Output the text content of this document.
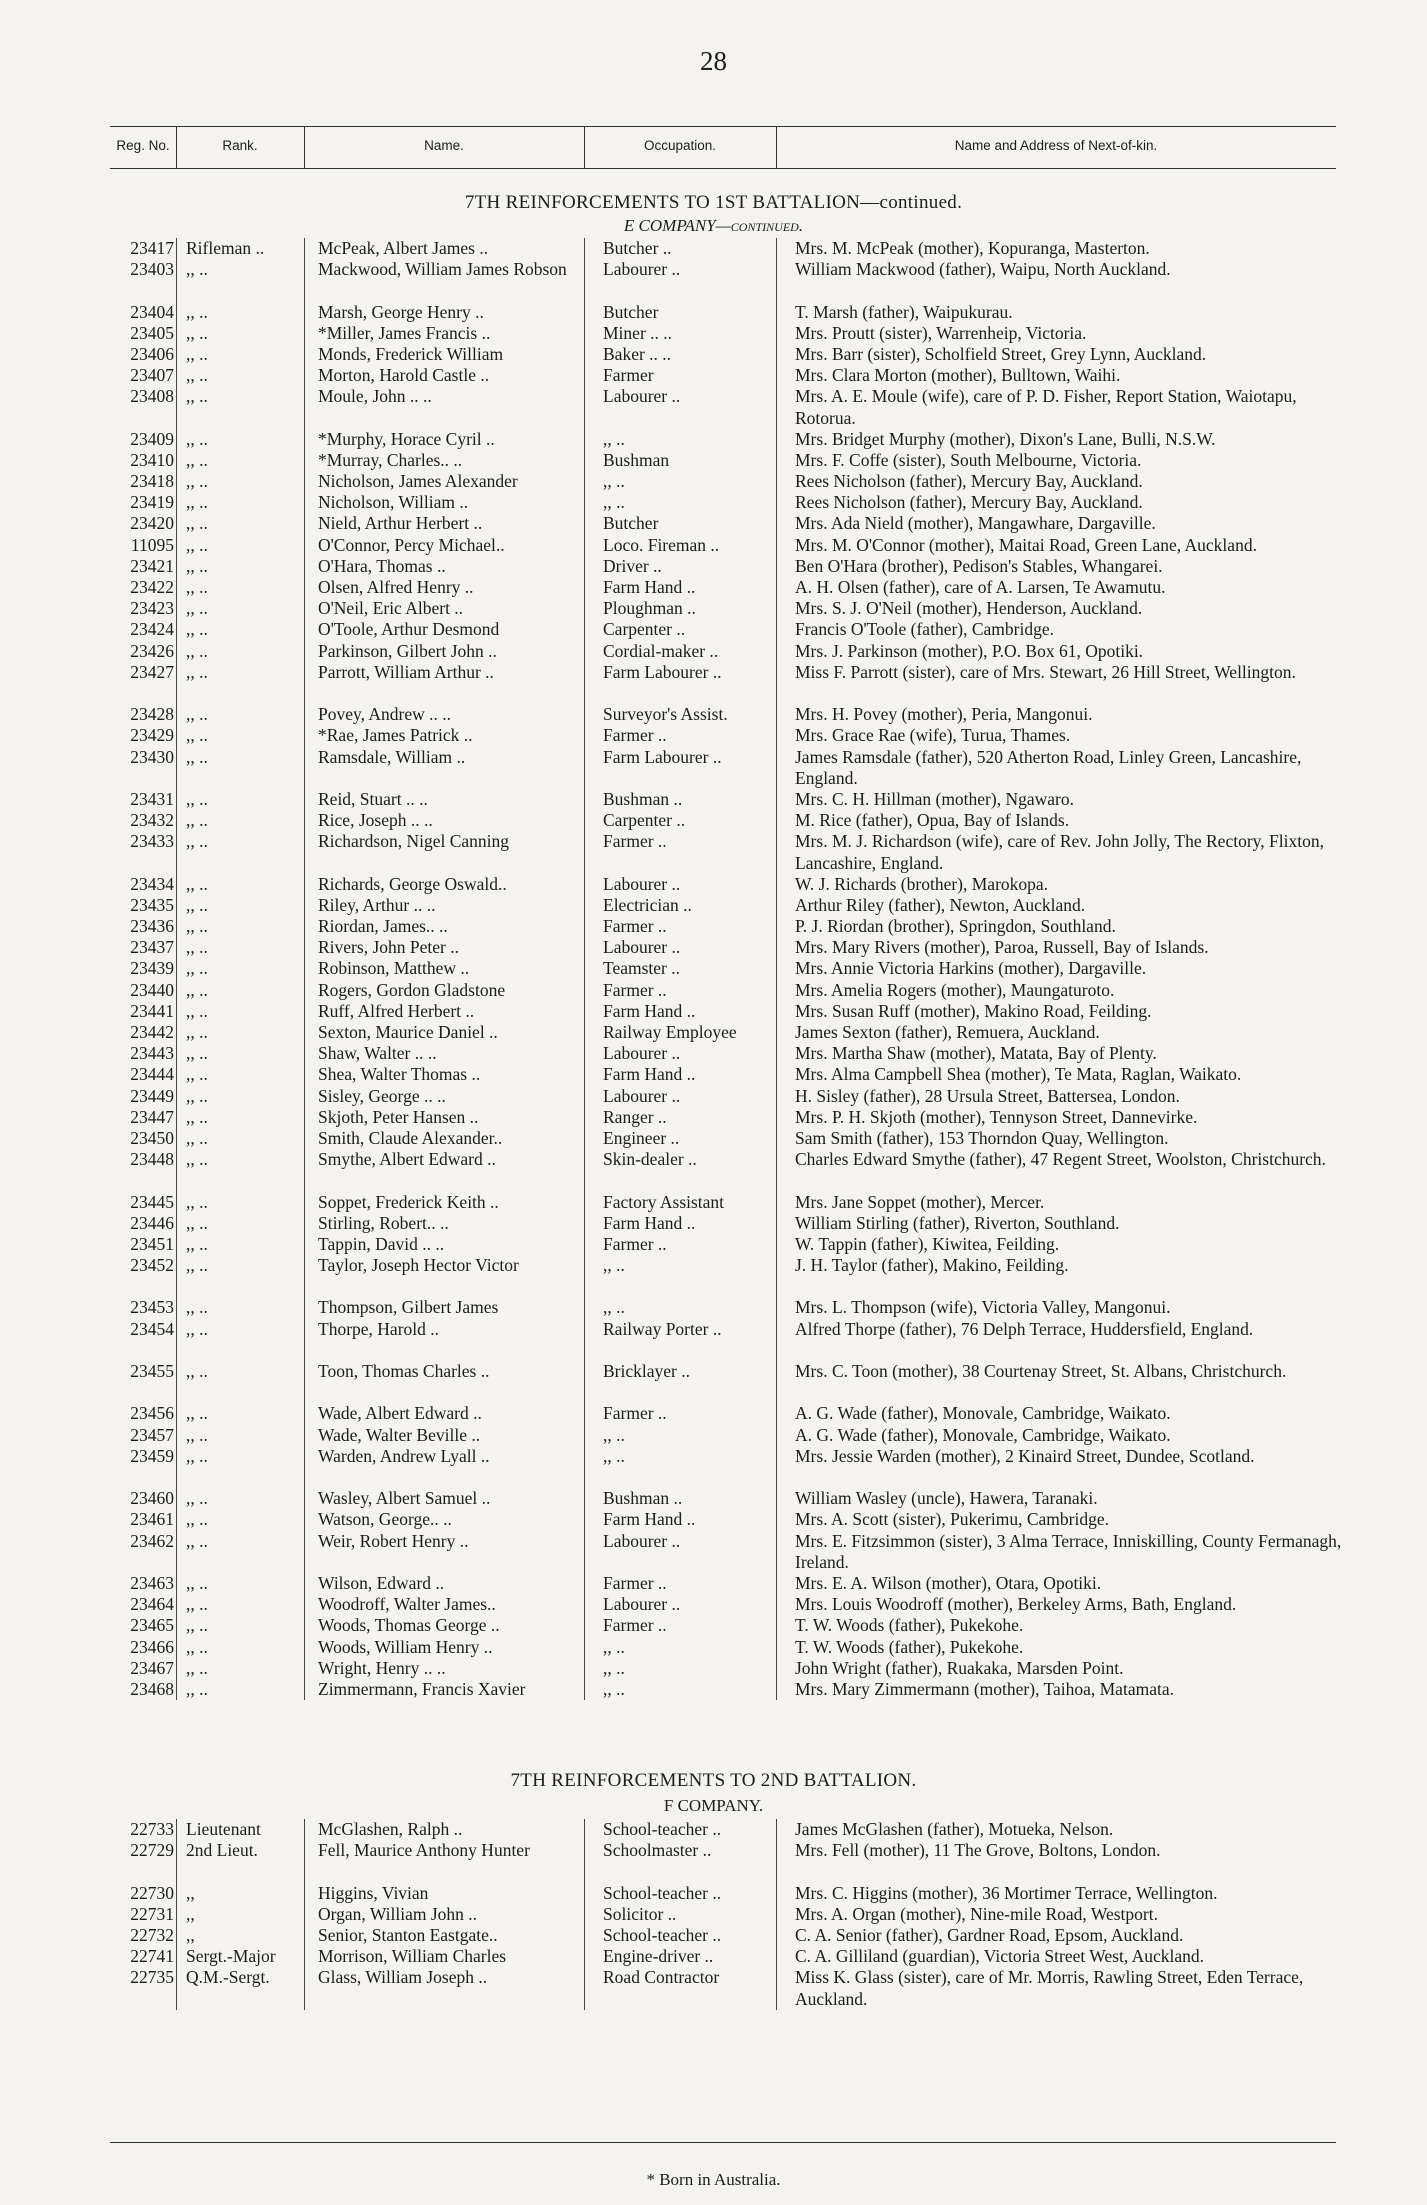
28
Reg. No.	Rank.	Name.	Occupation.	Name and Address of Next-of-kin.
7TH REINFORCEMENTS TO 1ST BATTALION—continued.
E COMPANY—continued.
23417 Rifleman ..	McPeak, Albert James ..	Butcher ..	Mrs. M. McPeak (mother), Kopuranga, Masterton.
23403 ,, ..	Mackwood, William James Robson	Labourer ..	William Mackwood (father), Waipu, North Auckland.
23404 ,, ..	Marsh, George Henry ..	Butcher	T. Marsh (father), Waipukurau.
23405 ,, ..	*Miller, James Francis ..	Miner .. ..	Mrs. Proutt (sister), Warrenheip, Victoria.
23406 ,, ..	Monds, Frederick William	Baker .. ..	Mrs. Barr (sister), Scholfield Street, Grey Lynn, Auckland.
23407 ,, ..	Morton, Harold Castle ..	Farmer	Mrs. Clara Morton (mother), Bulltown, Waihi.
23408 ,, ..	Moule, John .. ..	Labourer ..	Mrs. A. E. Moule (wife), care of P. D. Fisher, Report Station, Waiotapu, Rotorua.
23409 ,, ..	*Murphy, Horace Cyril ..	,, ..	Mrs. Bridget Murphy (mother), Dixon's Lane, Bulli, N.S.W.
23410 ,, ..	*Murray, Charles.. ..	Bushman	Mrs. F. Coffe (sister), South Melbourne, Victoria.
23418 ,, ..	Nicholson, James Alexander	,, ..	Rees Nicholson (father), Mercury Bay, Auckland.
23419 ,, ..	Nicholson, William ..	,, ..	Rees Nicholson (father), Mercury Bay, Auckland.
23420 ,, ..	Nield, Arthur Herbert ..	Butcher	Mrs. Ada Nield (mother), Mangawhare, Dargaville.
11095 ,, ..	O'Connor, Percy Michael..	Loco. Fireman ..	Mrs. M. O'Connor (mother), Maitai Road, Green Lane, Auckland.
23421 ,, ..	O'Hara, Thomas ..	Driver ..	Ben O'Hara (brother), Pedison's Stables, Whangarei.
23422 ,, ..	Olsen, Alfred Henry ..	Farm Hand ..	A. H. Olsen (father), care of A. Larsen, Te Awamutu.
23423 ,, ..	O'Neil, Eric Albert ..	Ploughman ..	Mrs. S. J. O'Neil (mother), Henderson, Auckland.
23424 ,, ..	O'Toole, Arthur Desmond	Carpenter ..	Francis O'Toole (father), Cambridge.
23426 ,, ..	Parkinson, Gilbert John ..	Cordial-maker ..	Mrs. J. Parkinson (mother), P.O. Box 61, Opotiki.
23427 ,, ..	Parrott, William Arthur ..	Farm Labourer ..	Miss F. Parrott (sister), care of Mrs. Stewart, 26 Hill Street, Wellington.
23428 ,, ..	Povey, Andrew .. ..	Surveyor's Assist.	Mrs. H. Povey (mother), Peria, Mangonui.
23429 ,, ..	*Rae, James Patrick ..	Farmer ..	Mrs. Grace Rae (wife), Turua, Thames.
23430 ,, ..	Ramsdale, William ..	Farm Labourer ..	James Ramsdale (father), 520 Atherton Road, Linley Green, Lancashire, England.
23431 ,, ..	Reid, Stuart .. ..	Bushman ..	Mrs. C. H. Hillman (mother), Ngawaro.
23432 ,, ..	Rice, Joseph .. ..	Carpenter ..	M. Rice (father), Opua, Bay of Islands.
23433 ,, ..	Richardson, Nigel Canning	Farmer ..	Mrs. M. J. Richardson (wife), care of Rev. John Jolly, The Rectory, Flixton, Lancashire, England.
23434 ,, ..	Richards, George Oswald..	Labourer ..	W. J. Richards (brother), Marokopa.
23435 ,, ..	Riley, Arthur .. ..	Electrician ..	Arthur Riley (father), Newton, Auckland.
23436 ,, ..	Riordan, James.. ..	Farmer ..	P. J. Riordan (brother), Springdon, Southland.
23437 ,, ..	Rivers, John Peter ..	Labourer ..	Mrs. Mary Rivers (mother), Paroa, Russell, Bay of Islands.
23439 ,, ..	Robinson, Matthew ..	Teamster ..	Mrs. Annie Victoria Harkins (mother), Dargaville.
23440 ,, ..	Rogers, Gordon Gladstone	Farmer ..	Mrs. Amelia Rogers (mother), Maungaturoto.
23441 ,, ..	Ruff, Alfred Herbert ..	Farm Hand ..	Mrs. Susan Ruff (mother), Makino Road, Feilding.
23442 ,, ..	Sexton, Maurice Daniel ..	Railway Employee	James Sexton (father), Remuera, Auckland.
23443 ,, ..	Shaw, Walter .. ..	Labourer ..	Mrs. Martha Shaw (mother), Matata, Bay of Plenty.
23444 ,, ..	Shea, Walter Thomas ..	Farm Hand ..	Mrs. Alma Campbell Shea (mother), Te Mata, Raglan, Waikato.
23449 ,, ..	Sisley, George .. ..	Labourer ..	H. Sisley (father), 28 Ursula Street, Battersea, London.
23447 ,, ..	Skjoth, Peter Hansen ..	Ranger ..	Mrs. P. H. Skjoth (mother), Tennyson Street, Dannevirke.
23450 ,, ..	Smith, Claude Alexander..	Engineer ..	Sam Smith (father), 153 Thorndon Quay, Wellington.
23448 ,, ..	Smythe, Albert Edward ..	Skin-dealer ..	Charles Edward Smythe (father), 47 Regent Street, Woolston, Christchurch.
23445 ,, ..	Soppet, Frederick Keith ..	Factory Assistant	Mrs. Jane Soppet (mother), Mercer.
23446 ,, ..	Stirling, Robert.. ..	Farm Hand ..	William Stirling (father), Riverton, Southland.
23451 ,, ..	Tappin, David .. ..	Farmer ..	W. Tappin (father), Kiwitea, Feilding.
23452 ,, ..	Taylor, Joseph Hector Victor	,, ..	J. H. Taylor (father), Makino, Feilding.
23453 ,, ..	Thompson, Gilbert James	,, ..	Mrs. L. Thompson (wife), Victoria Valley, Mangonui.
23454 ,, ..	Thorpe, Harold ..	Railway Porter ..	Alfred Thorpe (father), 76 Delph Terrace, Huddersfield, England.
23455 ,, ..	Toon, Thomas Charles ..	Bricklayer ..	Mrs. C. Toon (mother), 38 Courtenay Street, St. Albans, Christchurch.
23456 ,, ..	Wade, Albert Edward ..	Farmer ..	A. G. Wade (father), Monovale, Cambridge, Waikato.
23457 ,, ..	Wade, Walter Beville ..	,, ..	A. G. Wade (father), Monovale, Cambridge, Waikato.
23459 ,, ..	Warden, Andrew Lyall ..	,, ..	Mrs. Jessie Warden (mother), 2 Kinaird Street, Dundee, Scotland.
23460 ,, ..	Wasley, Albert Samuel ..	Bushman ..	William Wasley (uncle), Hawera, Taranaki.
23461 ,, ..	Watson, George.. ..	Farm Hand ..	Mrs. A. Scott (sister), Pukerimu, Cambridge.
23462 ,, ..	Weir, Robert Henry ..	Labourer ..	Mrs. E. Fitzsimmon (sister), 3 Alma Terrace, Inniskilling, County Fermanagh, Ireland.
23463 ,, ..	Wilson, Edward ..	Farmer ..	Mrs. E. A. Wilson (mother), Otara, Opotiki.
23464 ,, ..	Woodroff, Walter James..	Labourer ..	Mrs. Louis Woodroff (mother), Berkeley Arms, Bath, England.
23465 ,, ..	Woods, Thomas George ..	Farmer ..	T. W. Woods (father), Pukekohe.
23466 ,, ..	Woods, William Henry ..	,, ..	T. W. Woods (father), Pukekohe.
23467 ,, ..	Wright, Henry .. ..	,, ..	John Wright (father), Ruakaka, Marsden Point.
23468 ,, ..	Zimmermann, Francis Xavier	,, ..	Mrs. Mary Zimmermann (mother), Taihoa, Matamata.
7TH REINFORCEMENTS TO 2ND BATTALION.
F COMPANY.
22733 Lieutenant	McGlashen, Ralph ..	School-teacher ..	James McGlashen (father), Motueka, Nelson.
22729 2nd Lieut.	Fell, Maurice Anthony Hunter	Schoolmaster ..	Mrs. Fell (mother), 11 The Grove, Boltons, London.
22730 ,,	Higgins, Vivian	School-teacher ..	Mrs. C. Higgins (mother), 36 Mortimer Terrace, Wellington.
22731 ,,	Organ, William John ..	Solicitor ..	Mrs. A. Organ (mother), Nine-mile Road, Westport.
22732 ,,	Senior, Stanton Eastgate..	School-teacher ..	C. A. Senior (father), Gardner Road, Epsom, Auckland.
22741 Sergt.-Major	Morrison, William Charles	Engine-driver ..	C. A. Gilliland (guardian), Victoria Street West, Auckland.
22735 Q.M.-Sergt.	Glass, William Joseph ..	Road Contractor	Miss K. Glass (sister), care of Mr. Morris, Rawling Street, Eden Terrace, Auckland.
* Born in Australia.
